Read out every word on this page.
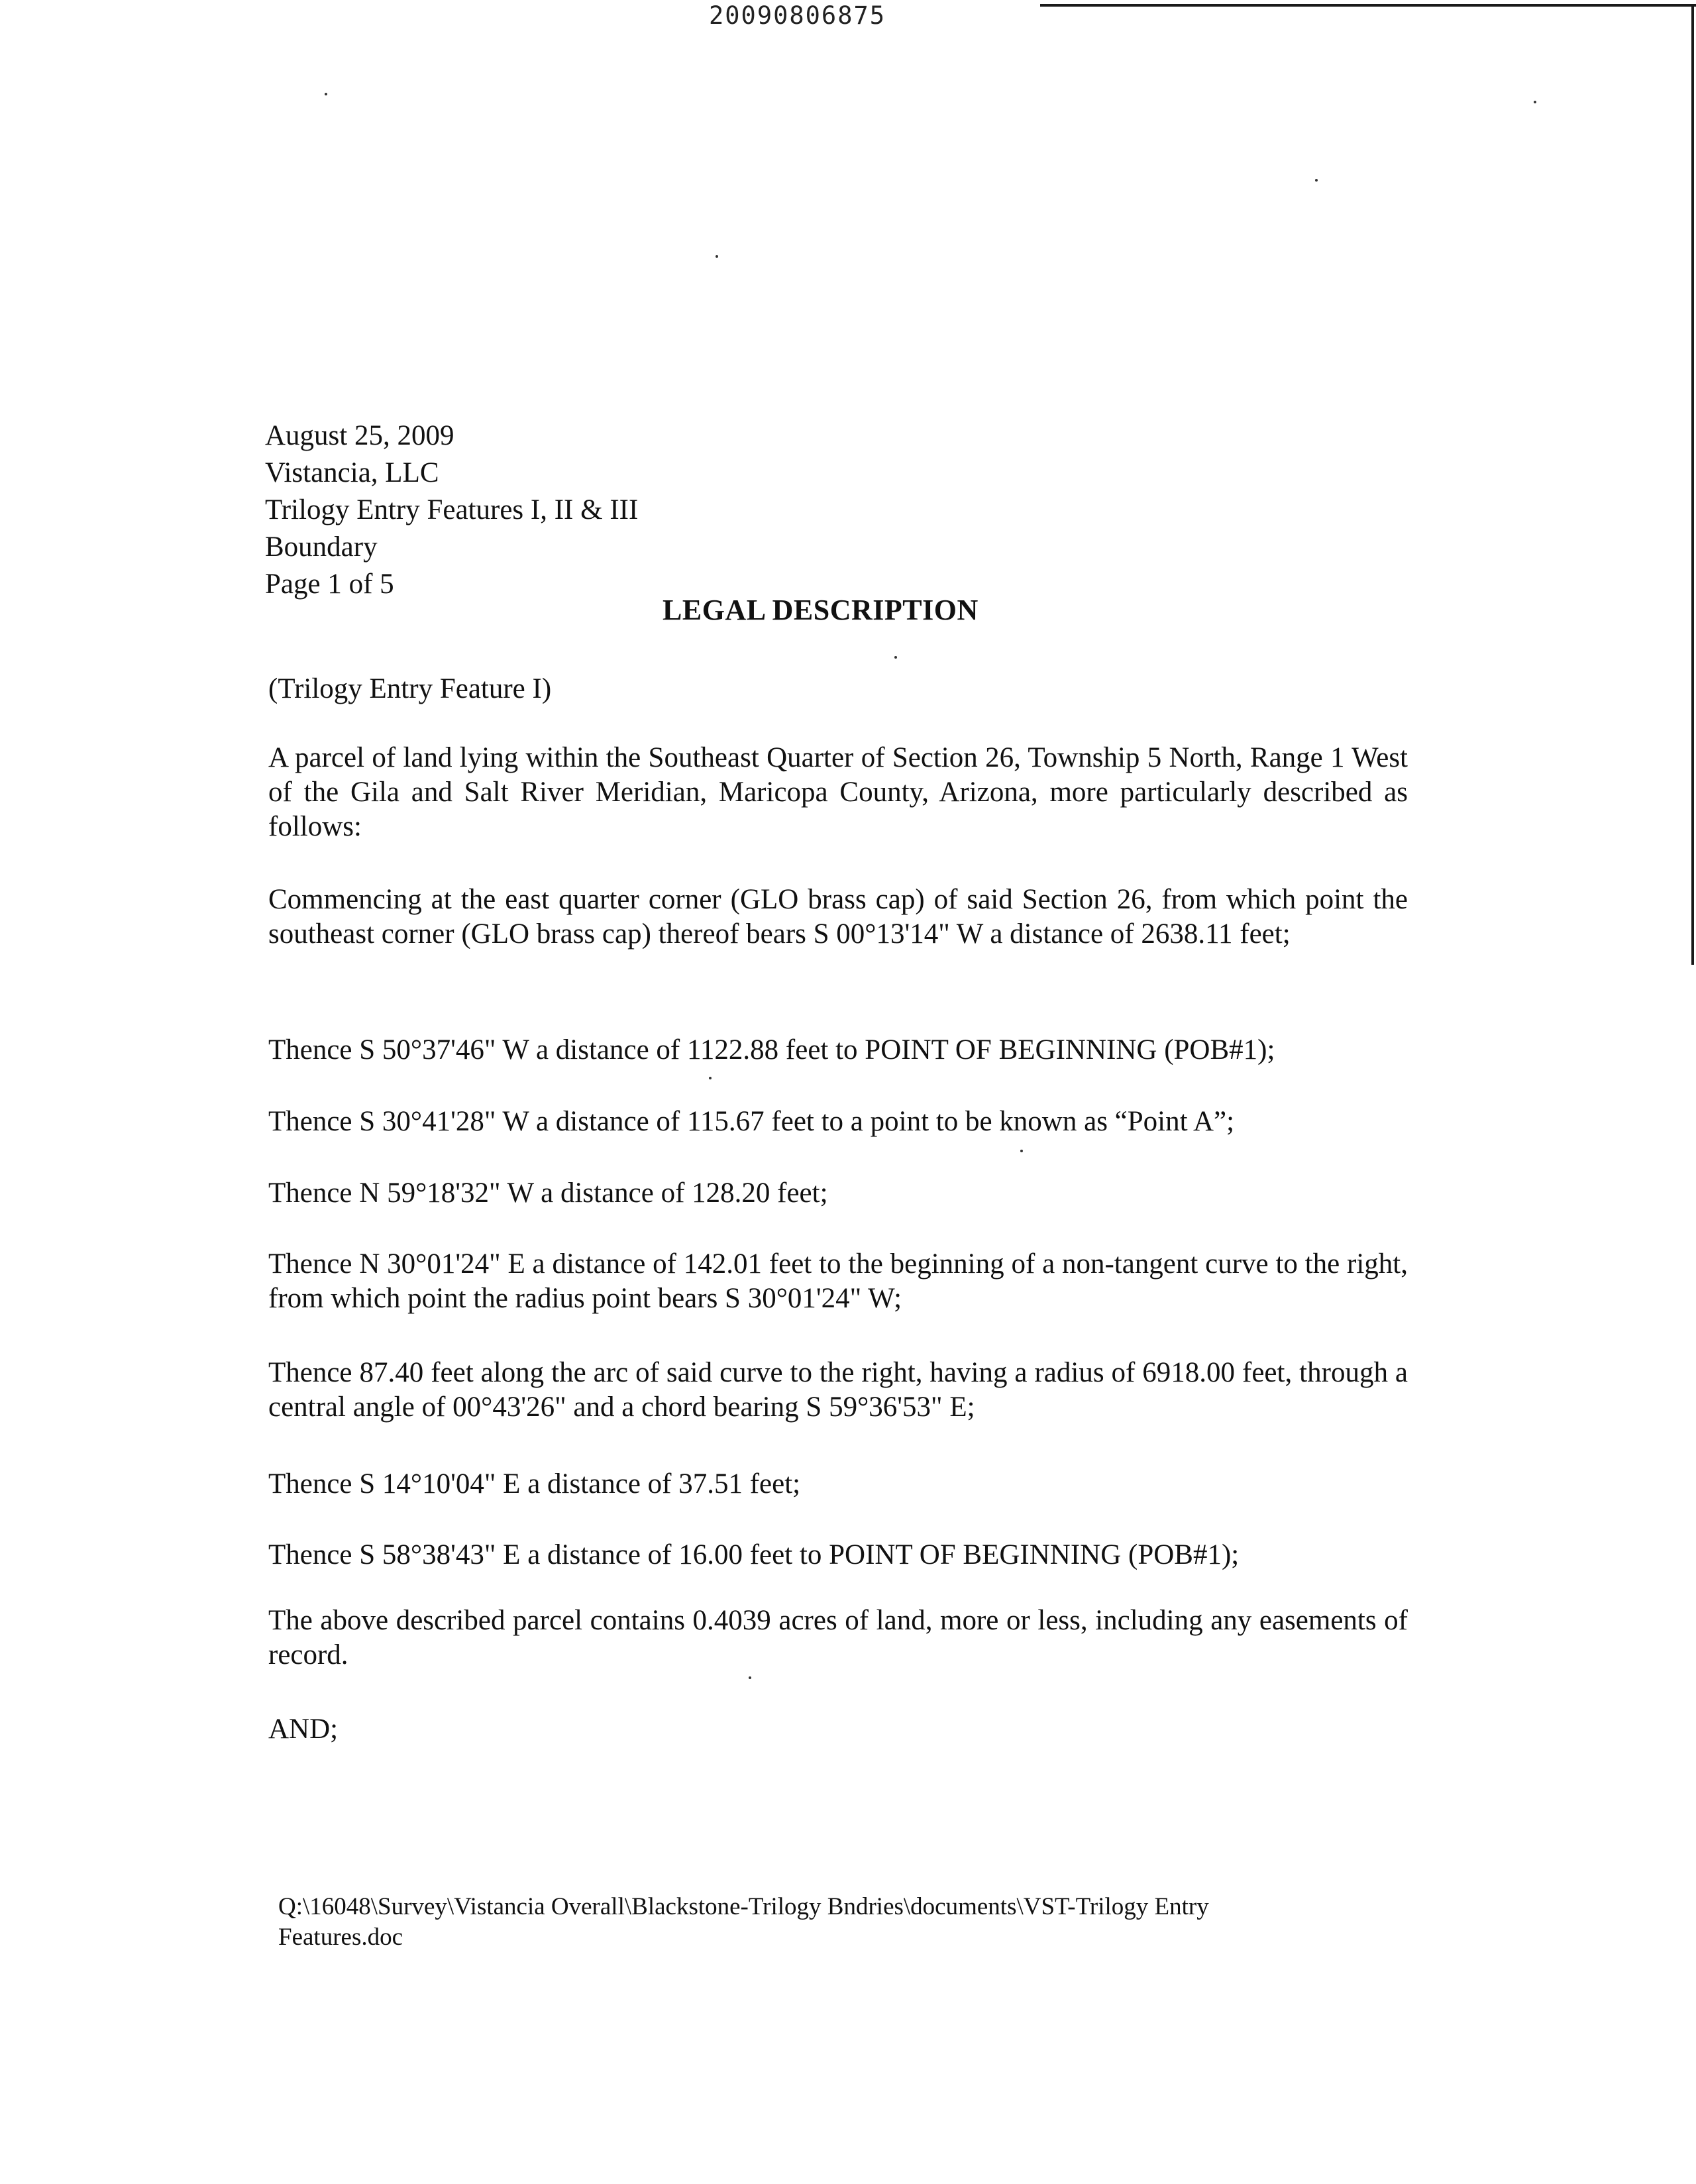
20090806875
August 25, 2009
Vistancia, LLC
Trilogy Entry Features I, II & III
Boundary
Page 1 of 5
LEGAL DESCRIPTION
(Trilogy Entry Feature I)
A parcel of land lying within the Southeast Quarter of Section 26, Township 5 North, Range 1 West of the Gila and Salt River Meridian, Maricopa County, Arizona, more particularly described as follows:
Commencing at the east quarter corner (GLO brass cap) of said Section 26, from which point the southeast corner (GLO brass cap) thereof bears S 00°13'14" W a distance of 2638.11 feet;
Thence S 50°37'46" W a distance of 1122.88 feet to POINT OF BEGINNING (POB#1);
Thence S 30°41'28" W a distance of 115.67 feet to a point to be known as “Point A”;
Thence N 59°18'32" W a distance of 128.20 feet;
Thence N 30°01'24" E a distance of 142.01 feet to the beginning of a non-tangent curve to the right, from which point the radius point bears S 30°01'24" W;
Thence 87.40 feet along the arc of said curve to the right, having a radius of 6918.00 feet, through a central angle of 00°43'26" and a chord bearing S 59°36'53" E;
Thence S 14°10'04" E a distance of 37.51 feet;
Thence S 58°38'43" E a distance of 16.00 feet to POINT OF BEGINNING (POB#1);
The above described parcel contains 0.4039 acres of land, more or less, including any easements of record.
AND;
Q:\16048\Survey\Vistancia Overall\Blackstone-Trilogy Bndries\documents\VST-Trilogy Entry
Features.doc
